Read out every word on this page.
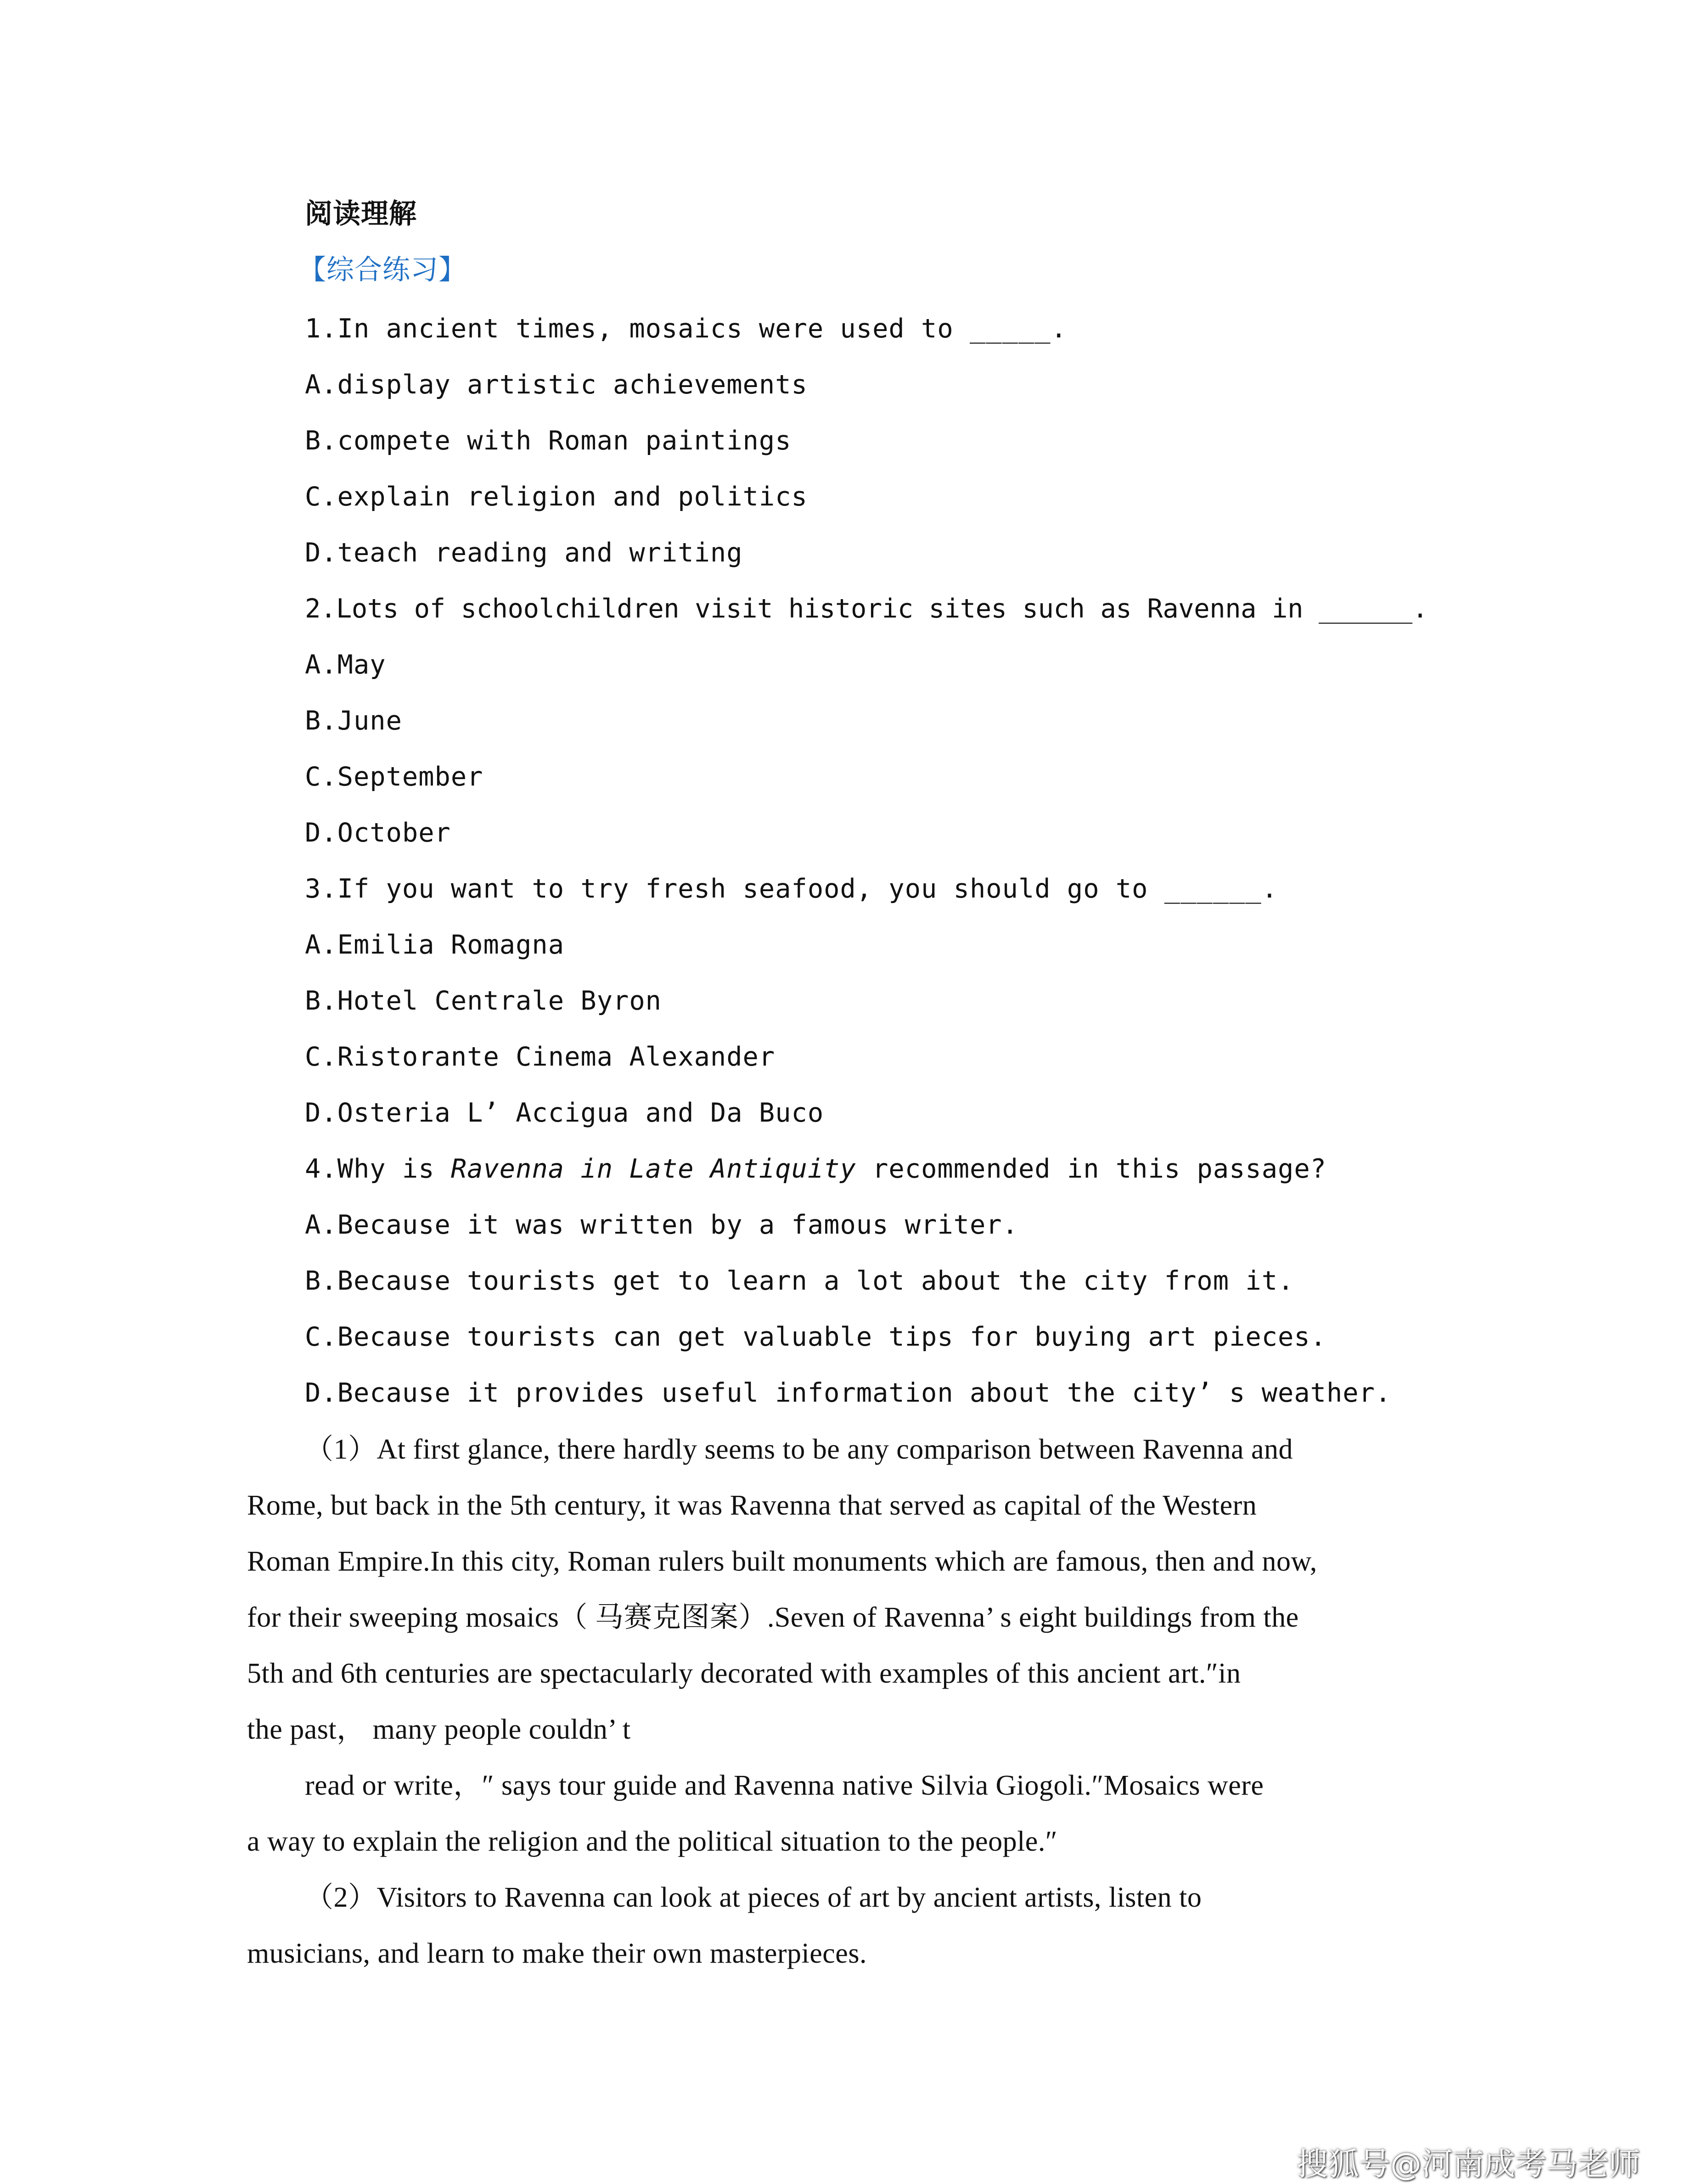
阅读理解
【综合练习】
1.In ancient times, mosaics were used to _____.
A.display artistic achievements
B.compete with Roman paintings
C.explain religion and politics
D.teach reading and writing
2.Lots of schoolchildren visit historic sites such as Ravenna in ______.
A.May
B.June
C.September
D.October
3.If you want to try fresh seafood, you should go to ______.
A.Emilia Romagna
B.Hotel Centrale Byron
C.Ristorante Cinema Alexander
D.Osteria L’ Accigua and Da Buco
4.Why is Ravenna in Late Antiquity recommended in this passage?
A.Because it was written by a famous writer.
B.Because tourists get to learn a lot about the city from it.
C.Because tourists can get valuable tips for buying art pieces.
D.Because it provides useful information about the city’ s weather.
（1）At first glance, there hardly seems to be any comparison between Ravenna and
Rome, but back in the 5th century, it was Ravenna that served as capital of the Western
Roman Empire.In this city, Roman rulers built monuments which are famous, then and now,
for their sweeping mosaics（ 马赛克图案）.Seven of Ravenna’ s eight buildings from the
5th and 6th centuries are spectacularly decorated with examples of this ancient art.″in
the past， many people couldn’ t
read or write，″ says tour guide and Ravenna native Silvia Giogoli.″Mosaics were
a way to explain the religion and the political situation to the people.″
（2）Visitors to Ravenna can look at pieces of art by ancient artists, listen to
musicians, and learn to make their own masterpieces.
搜狐号@河南成考马老师
